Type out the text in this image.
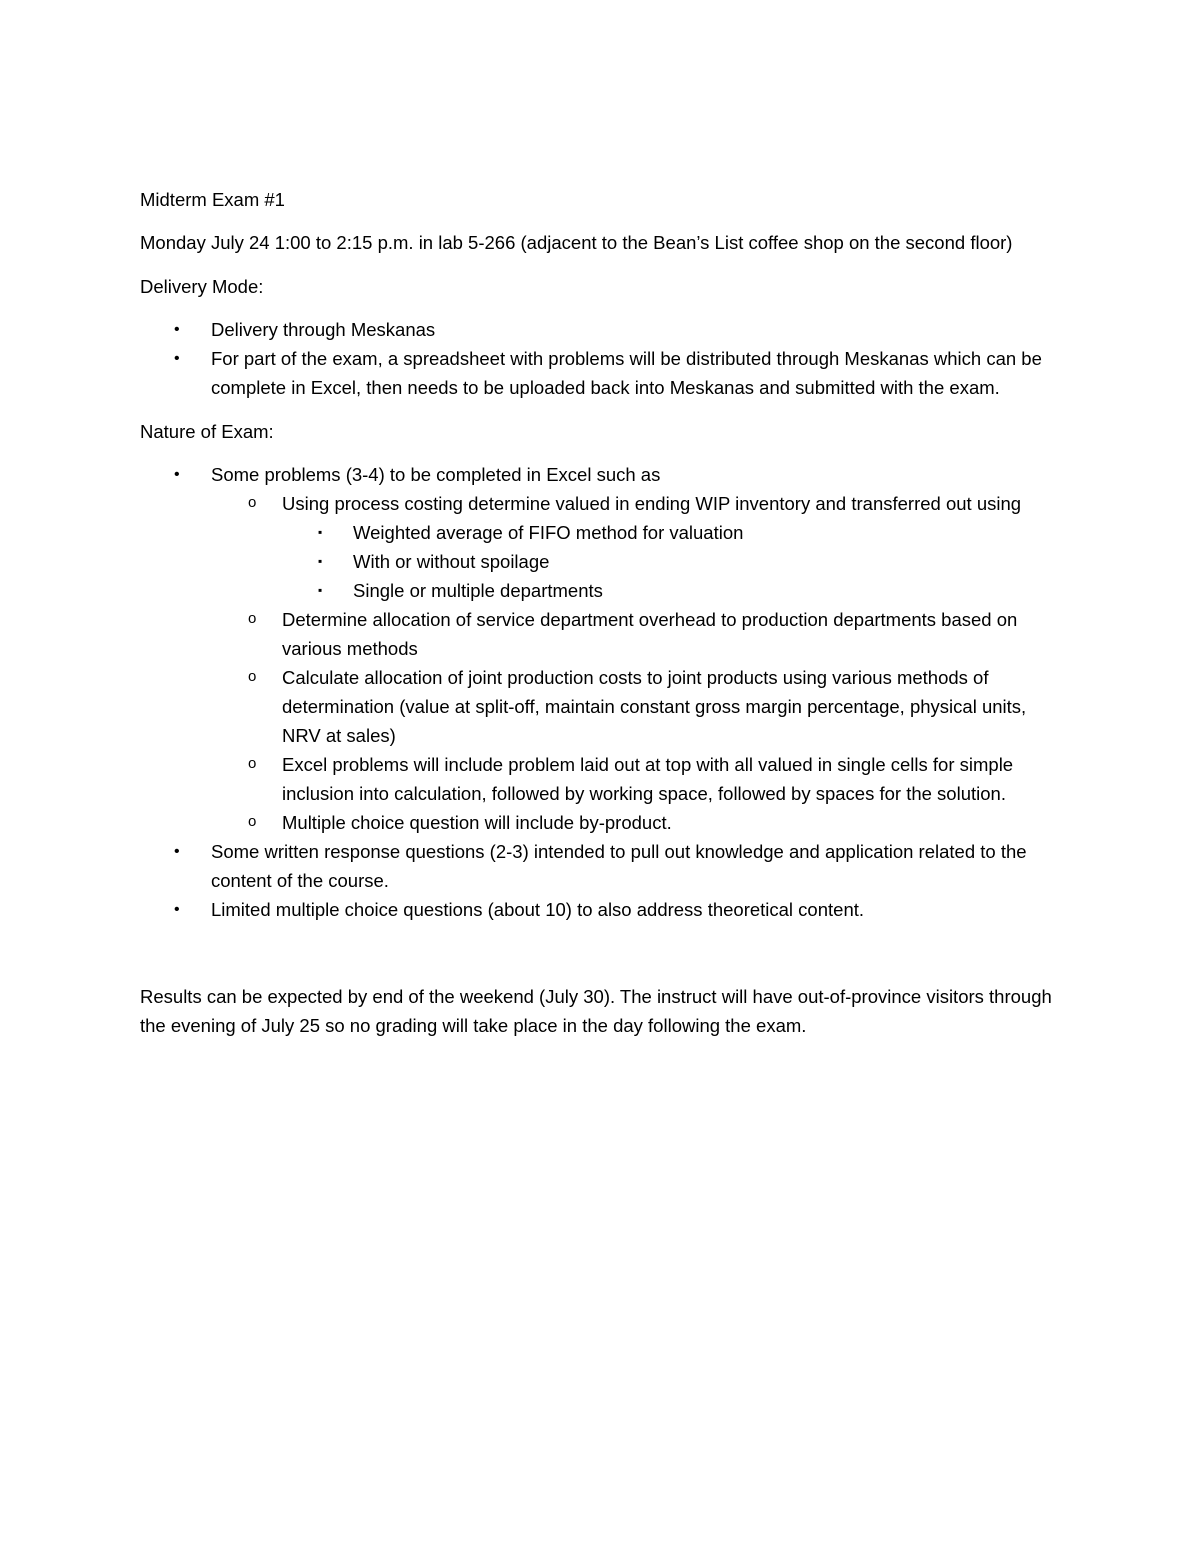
Midterm Exam #1

Monday July 24 1:00 to 2:15 p.m. in lab 5-266 (adjacent to the Bean’s List coffee shop on the second floor)

Delivery Mode:

•	Delivery through Meskanas
•	For part of the exam, a spreadsheet with problems will be distributed through Meskanas which can be complete in Excel, then needs to be uploaded back into Meskanas and submitted with the exam.

Nature of Exam:

•	Some problems (3-4) to be completed in Excel such as
o Using process costing determine valued in ending WIP inventory and transferred out using
▪ Weighted average of FIFO method for valuation
▪ With or without spoilage
▪ Single or multiple departments
o Determine allocation of service department overhead to production departments based on various methods
o Calculate allocation of joint production costs to joint products using various methods of determination (value at split-off, maintain constant gross margin percentage, physical units, NRV at sales)
o Excel problems will include problem laid out at top with all valued in single cells for simple inclusion into calculation, followed by working space, followed by spaces for the solution.
o Multiple choice question will include by-product.
•	Some written response questions (2-3) intended to pull out knowledge and application related to the content of the course.
•	Limited multiple choice questions (about 10) to also address theoretical content.

Results can be expected by end of the weekend (July 30). The instruct will have out-of-province visitors through the evening of July 25 so no grading will take place in the day following the exam.
